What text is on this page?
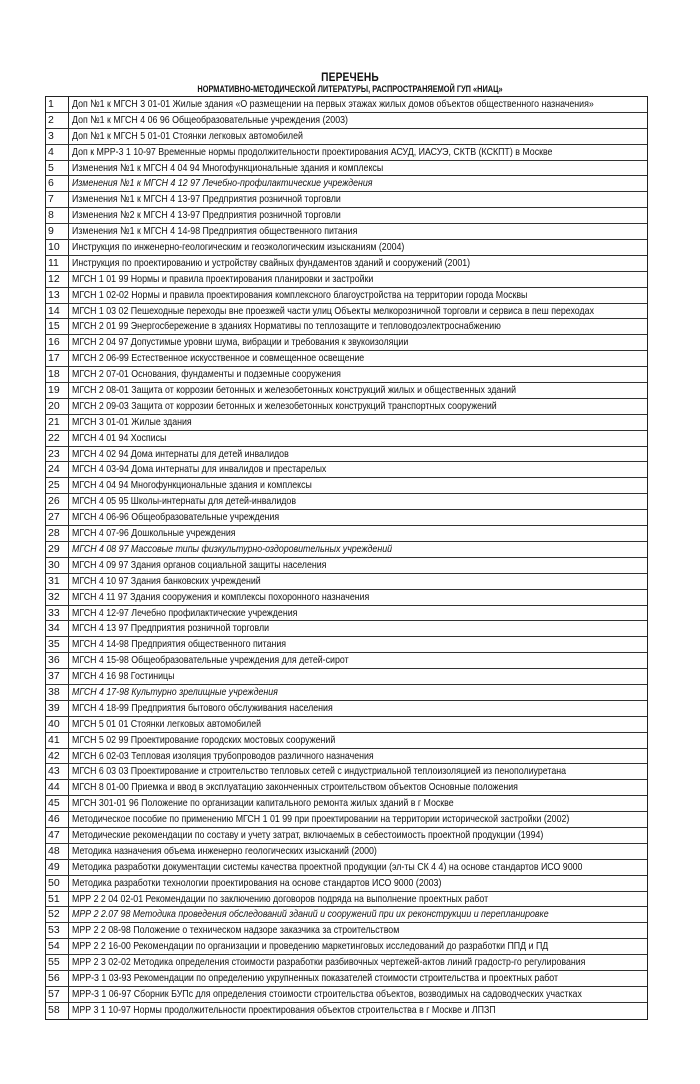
ПЕРЕЧЕНЬ
НОРМАТИВНО-МЕТОДИЧЕСКОЙ ЛИТЕРАТУРЫ, РАСПРОСТРАНЯЕМОЙ ГУП «НИАЦ»
1	Доп №1 к МГСН 3 01-01 Жилые здания «О размещении на первых этажах жилых домов объектов общественного назначения»
2	Доп №1 к МГСН 4 06 96 Общеобразовательные учреждения (2003)
3	Доп №1 к МГСН 5 01-01 Стоянки легковых автомобилей
4	Доп к МРР-3 1 10-97 Временные нормы продолжительности проектирования АСУД, ИАСУЭ, СКТВ (КСКПТ) в Москве
5	Изменения №1 к МГСН 4 04 94 Многофункциональные здания и комплексы
6	Изменения №1 к МГСН 4 12 97 Лечебно-профилактические учреждения
7	Изменения №1 к МГСН 4 13-97 Предприятия розничной торговли
8	Изменения №2 к МГСН 4 13-97 Предприятия розничной торговли
9	Изменения №1 к МГСН 4 14-98 Предприятия общественного питания
10	Инструкция по инженерно-геологическим и геоэкологическим изысканиям (2004)
11	Инструкция по проектированию и устройству свайных фундаментов зданий и сооружений (2001)
12	МГСН 1 01 99 Нормы и правила проектирования планировки и застройки
13	МГСН 1 02-02 Нормы и правила проектирования комплексного благоустройства на территории города Москвы
14	МГСН 1 03 02 Пешеходные переходы вне проезжей части улиц Объекты мелкорозничной торговли и сервиса в пеш переходах
15	МГСН 2 01 99 Энергосбережение в зданиях Нормативы по теплозащите и тепловодоэлектроснабжению
16	МГСН 2 04 97 Допустимые уровни шума, вибрации и требования к звукоизоляции
17	МГСН 2 06-99 Естественное искусственное и совмещенное освещение
18	МГСН 2 07-01 Основания, фундаменты и подземные сооружения
19	МГСН 2 08-01 Защита от коррозии бетонных и железобетонных конструкций жилых и общественных зданий
20	МГСН 2 09-03 Защита от коррозии бетонных и железобетонных конструкций транспортных сооружений
21	МГСН 3 01-01 Жилые здания
22	МГСН 4 01 94 Хосписы
23	МГСН 4 02 94 Дома интернаты для детей инвалидов
24	МГСН 4 03-94 Дома интернаты для инвалидов и престарелых
25	МГСН 4 04 94 Многофункциональные здания и комплексы
26	МГСН 4 05 95 Школы-интернаты для детей-инвалидов
27	МГСН 4 06-96 Общеобразовательные учреждения
28	МГСН 4 07-96 Дошкольные учреждения
29	МГСН 4 08 97 Массовые типы физкультурно-оздоровительных учреждений
30	МГСН 4 09 97 Здания органов социальной защиты населения
31	МГСН 4 10 97 Здания банковских учреждений
32	МГСН 4 11 97 Здания сооружения и комплексы похоронного назначения
33	МГСН 4 12-97 Лечебно профилактические учреждения
34	МГСН 4 13 97 Предприятия розничной торговли
35	МГСН 4 14-98 Предприятия общественного питания
36	МГСН 4 15-98 Общеобразовательные учреждения для детей-сирот
37	МГСН 4 16 98 Гостиницы
38	МГСН 4 17-98 Культурно зрелищные учреждения
39	МГСН 4 18-99 Предприятия бытового обслуживания населения
40	МГСН 5 01 01 Стоянки легковых автомобилей
41	МГСН 5 02 99 Проектирование городских мостовых сооружений
42	МГСН 6 02-03 Тепловая изоляция трубопроводов различного назначения
43	МГСН 6 03 03 Проектирование и строительство тепловых сетей с индустриальной теплоизоляцией из пенополиуретана
44	МГСН 8 01-00 Приемка и ввод в эксплуатацию законченных строительством объектов Основные положения
45	МГСН 301-01 96 Положение по организации капитального ремонта жилых зданий в г Москве
46	Методическое пособие по применению МГСН 1 01 99 при проектировании на территории исторической застройки (2002)
47	Методические рекомендации по составу и учету затрат, включаемых в себестоимость проектной продукции (1994)
48	Методика назначения объема инженерно геологических изысканий (2000)
49	Методика разработки документации системы качества проектной продукции (эл-ты СК 4 4) на основе стандартов ИСО 9000
50	Методика разработки технологии проектирования на основе стандартов ИСО 9000 (2003)
51	МРР 2 2 04 02-01 Рекомендации по заключению договоров подряда на выполнение проектных работ
52	МРР 2 2.07 98 Методика проведения обследований зданий и сооружений при их реконструкции и перепланировке
53	МРР 2 2 08-98 Положение о техническом надзоре заказчика за строительством
54	МРР 2 2 16-00 Рекомендации по организации и проведению маркетинговых исследований до разработки ППД и ПД
55	МРР 2 3 02-02 Методика определения стоимости разработки разбивочных чертежей-актов линий градостр-го регулирования
56	МРР-3 1 03-93 Рекомендации по определению укрупненных показателей стоимости строительства и проектных работ
57	МРР-3 1 06-97 Сборник БУПс для определения стоимости строительства объектов, возводимых на садоводческих участках
58	МРР 3 1 10-97 Нормы продолжительности проектирования объектов строительства в г Москве и ЛПЗП
